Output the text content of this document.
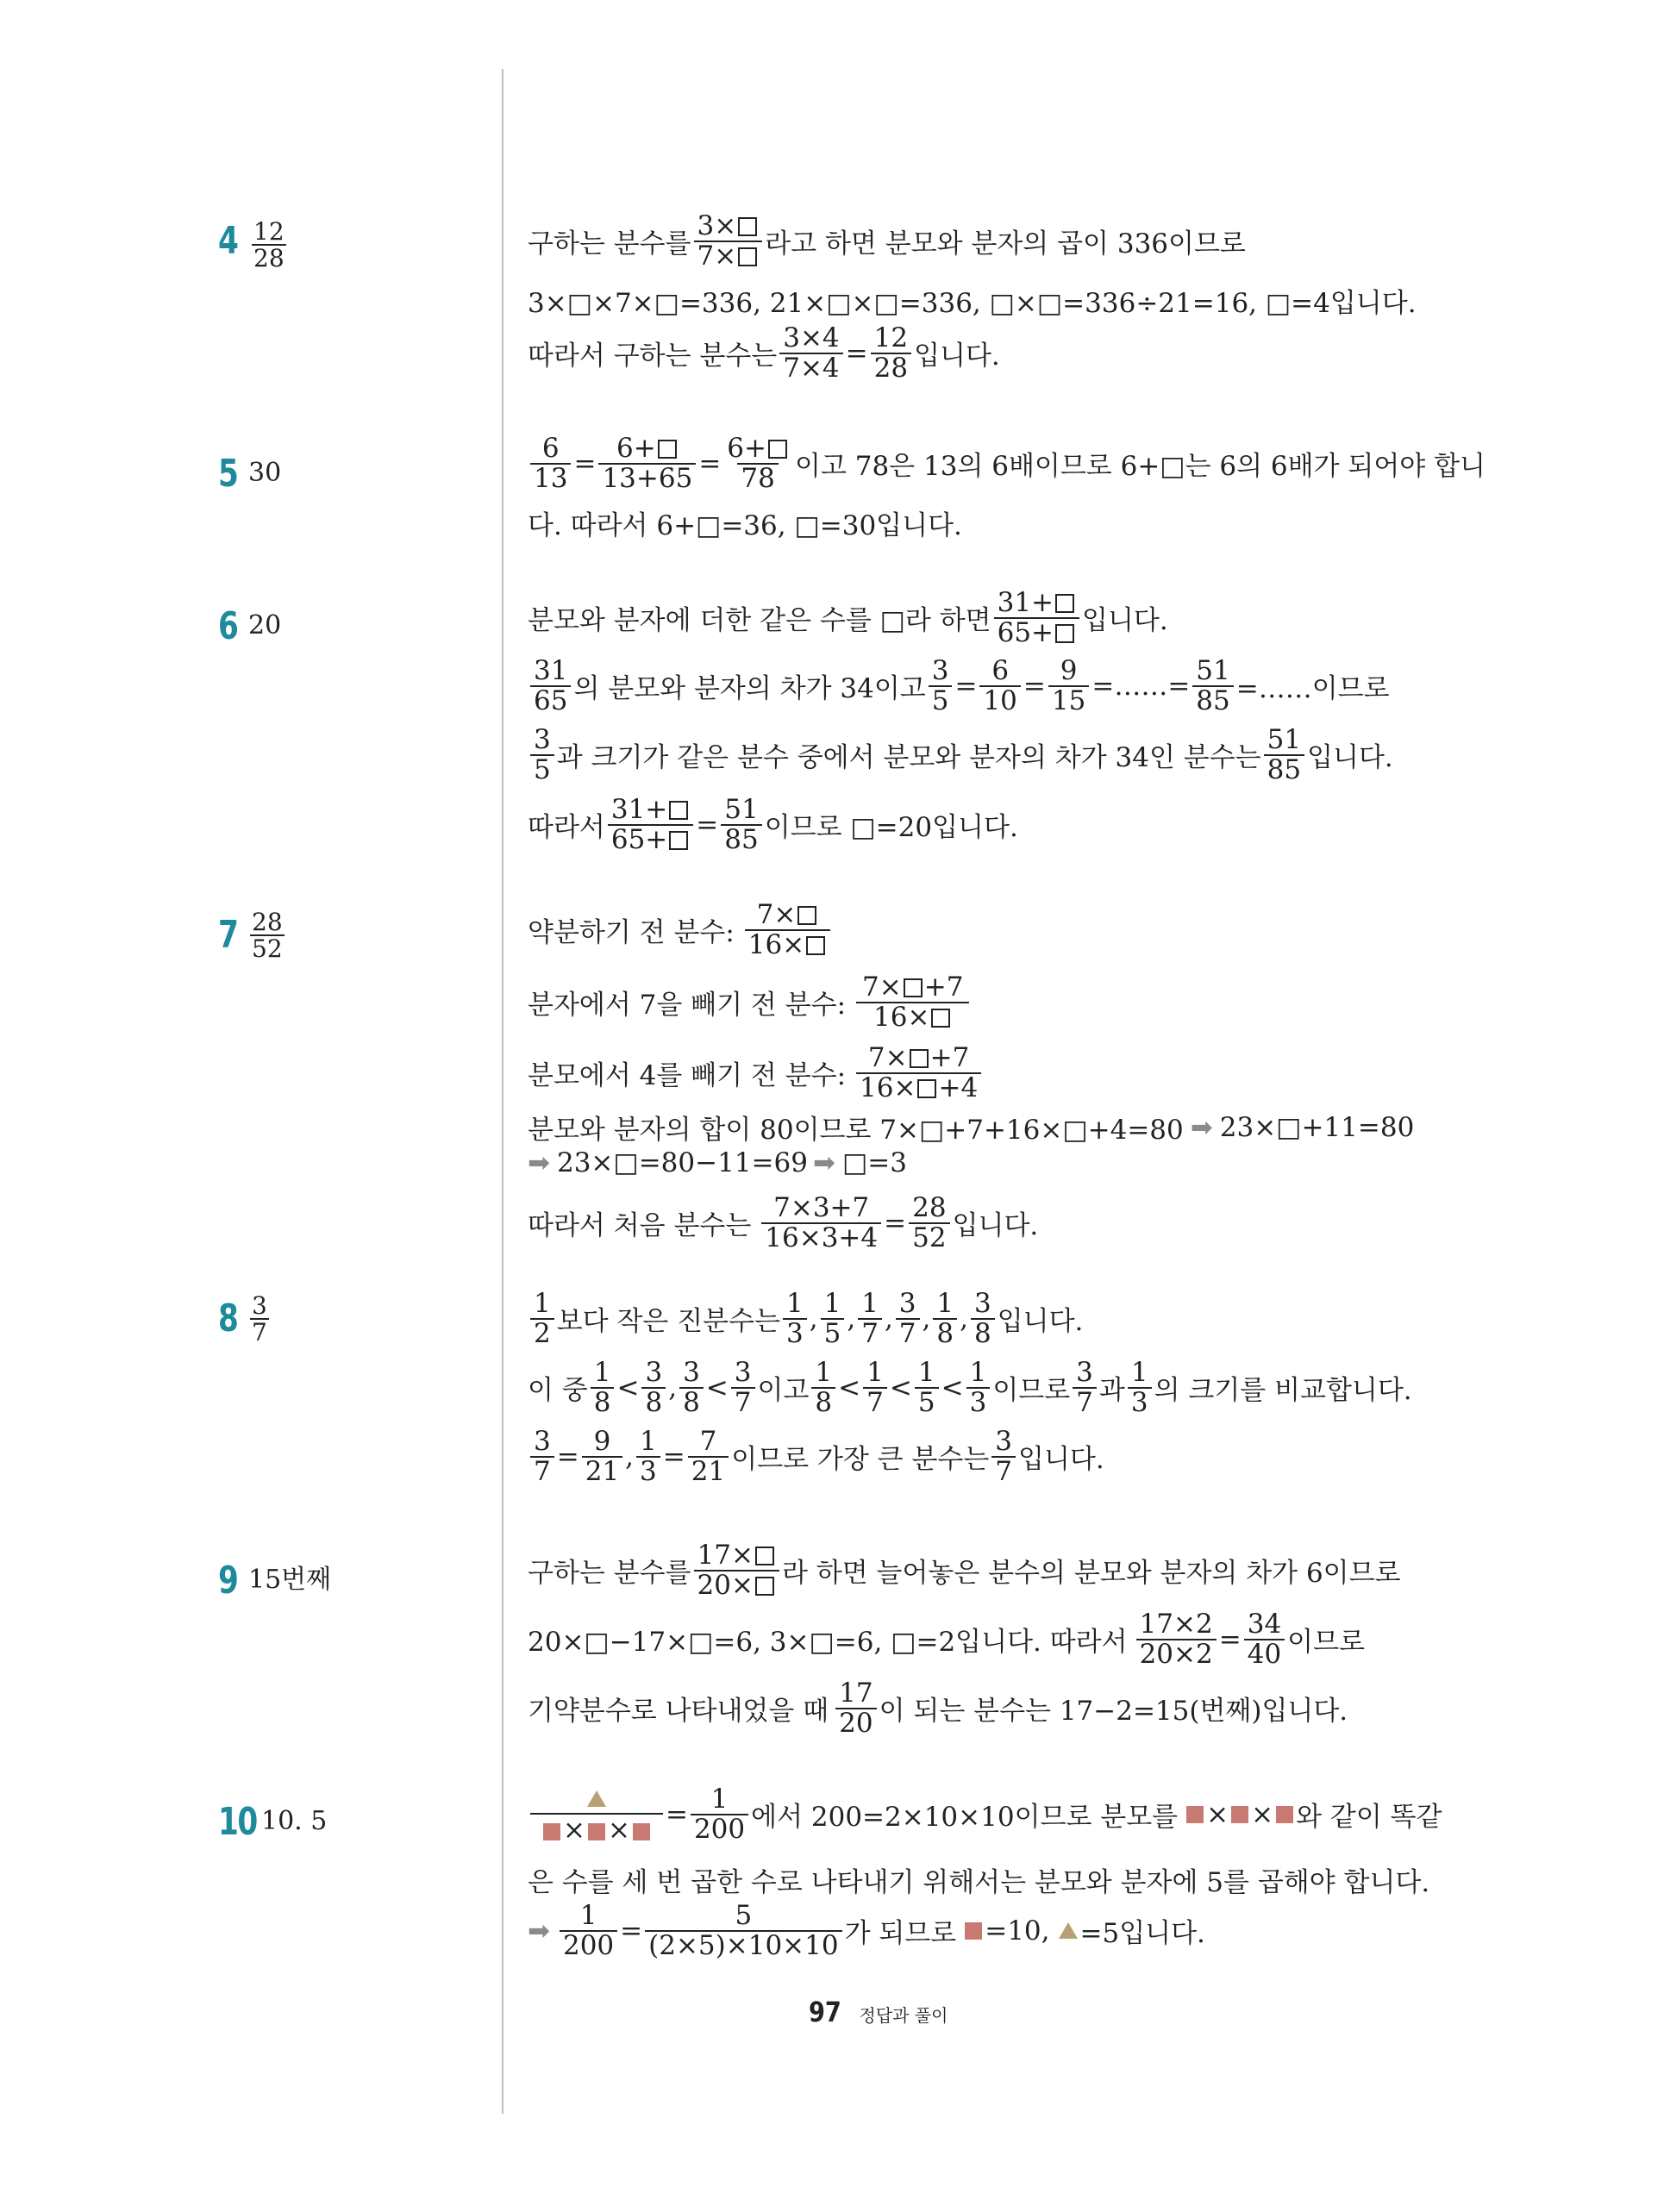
$4 \frac{12}{28}$	구하는 분수를
3×
7×	라고 하면 분모와 분자의 곱이 336이므로
3×□×7×□=336, 21×□×□=336, □×□=336÷21=16, □=4입니다.
따라서 구하는 분수는
3×4
7×4 = 12
28 입니다.
5 30
6
13 = 6+
13+65 = 6+
78 이고 78은 13의 6배이므로 6+□는 6의 6배가 되어야 합니
다. 따라서 6+□=36, □=30입니다.
6 20	분모와 분자에 더한 같은 수를 □라 하면
31+
65+	입니다.
31
65 의 분모와 분자의 차가 34이고
3
5 = 6
10 = 9
15 =……= $\frac{51}{85}$ =……이므로
3
5 과 크기가 같은 분수 중에서 분모와 분자의 차가 34인 분수는
51
85 입니다.
따라서
31+
65+	= $\frac{51}{85}$ 이므로 □=20입니다.
$7 \frac{28}{52}$	약분하기 전 분수:
7×
16×
분자에서 7을 빼기 전 분수:
7× +7
16×
분모에서 4를 빼기 전 분수:
7× +7
16× +4
분모와 분자의 합이 80이므로 7×□+7+16×□+4=80 ➡ 23×□+11=80
➡ 23×□=80−11=69 ➡ □=3
따라서 처음 분수는
7×3+7
16×3+4 = 28
52 입니다.
$8 \frac{3}{7}$	1
2 보다 작은 진분수는
1
3 , 1
5 , 1
7 , 3
7 , 1
8 , 3
8 입니다.
이 중
1
8 < 3
8 , 3
8 < 3
7 이고
1
8 < 1
7 < 1
5 < 1
3 이므로
3
7 과
1
3 의 크기를 비교합니다.
3
7 = 9
21 , 1
3 = 7
21 이므로 가장 큰 분수는
3
7 입니다.
9 15번째	구하는 분수를
17×
20×	라 하면 늘어놓은 분수의 분모와 분자의 차가 6이므로
20×□−17×□=6, 3×□=6, □=2입니다. 따라서
17×2
20×2 = 34
40 이므로
기약분수로 나타내었을 때
17
20 이 되는 분수는 17−2=15(번째)입니다.
10 10. 5	× ×	= $\frac{1}{200}$ 에서 200=2×10×10이므로 분모를 × × 와 같이 똑같
은 수를 세 번 곱한 수로 나타내기 위해서는 분모와 분자에 5를 곱해야 합니다.
➡ 1
200 =	5
(2×5)×10×10 가 되므로 =10, =5입니다.
97 정답과 풀이
